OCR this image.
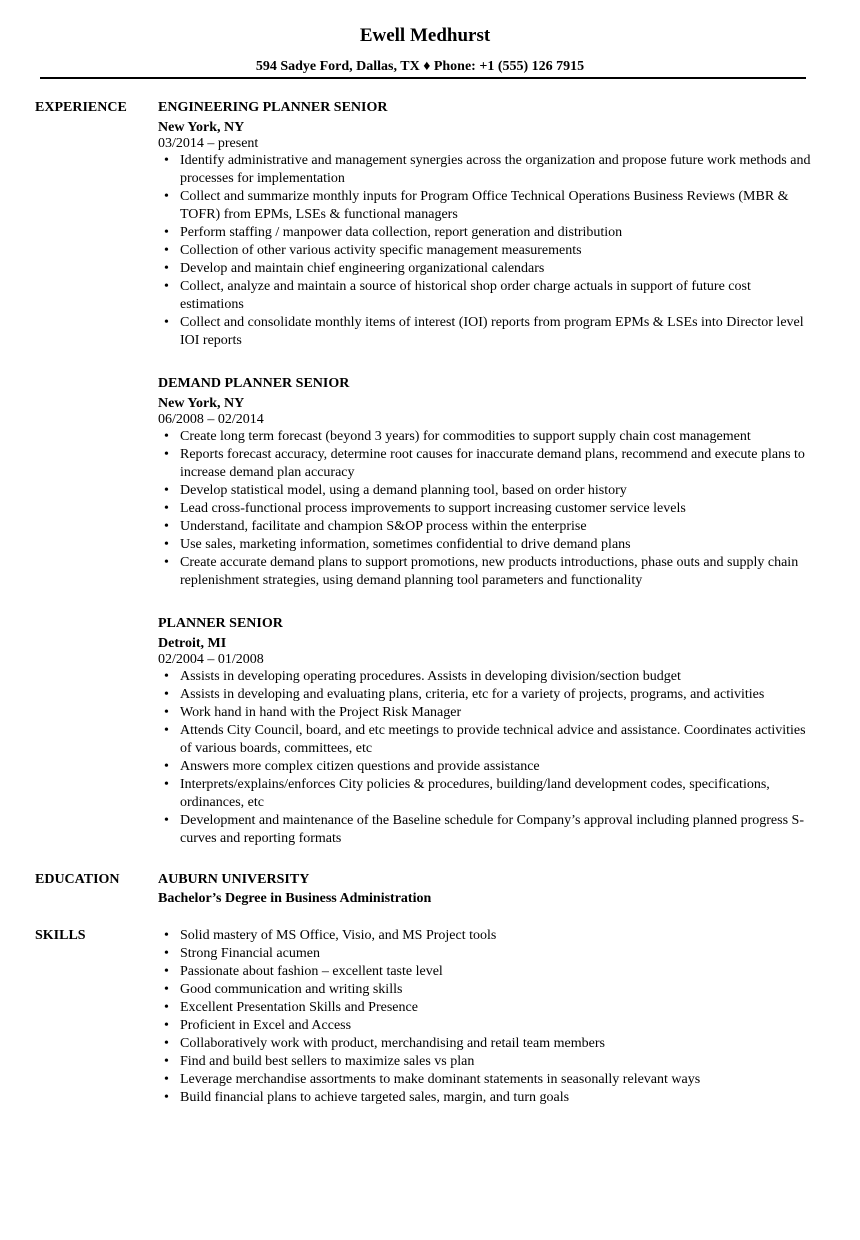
Ewell Medhurst
594 Sadye Ford, Dallas, TX ♦ Phone: +1 (555) 126 7915
EXPERIENCE ENGINEERING PLANNER SENIOR
New York, NY
03/2014 – present
• Identify administrative and management synergies across the organization and propose future work methods and processes for implementation
• Collect and summarize monthly inputs for Program Office Technical Operations Business Reviews (MBR & TOFR) from EPMs, LSEs & functional managers
• Perform staffing / manpower data collection, report generation and distribution
• Collection of other various activity specific management measurements
• Develop and maintain chief engineering organizational calendars
• Collect, analyze and maintain a source of historical shop order charge actuals in support of future cost estimations
• Collect and consolidate monthly items of interest (IOI) reports from program EPMs & LSEs into Director level IOI reports
DEMAND PLANNER SENIOR
New York, NY
06/2008 – 02/2014
• Create long term forecast (beyond 3 years) for commodities to support supply chain cost management
• Reports forecast accuracy, determine root causes for inaccurate demand plans, recommend and execute plans to increase demand plan accuracy
• Develop statistical model, using a demand planning tool, based on order history
• Lead cross-functional process improvements to support increasing customer service levels
• Understand, facilitate and champion S&OP process within the enterprise
• Use sales, marketing information, sometimes confidential to drive demand plans
• Create accurate demand plans to support promotions, new products introductions, phase outs and supply chain replenishment strategies, using demand planning tool parameters and functionality
PLANNER SENIOR
Detroit, MI
02/2004 – 01/2008
• Assists in developing operating procedures. Assists in developing division/section budget
• Assists in developing and evaluating plans, criteria, etc for a variety of projects, programs, and activities
• Work hand in hand with the Project Risk Manager
• Attends City Council, board, and etc meetings to provide technical advice and assistance. Coordinates activities of various boards, committees, etc
• Answers more complex citizen questions and provide assistance
• Interprets/explains/enforces City policies & procedures, building/land development codes, specifications, ordinances, etc
• Development and maintenance of the Baseline schedule for Company’s approval including planned progress S-curves and reporting formats
EDUCATION	AUBURN UNIVERSITY
Bachelor’s Degree in Business Administration
SKILLS
•	Solid mastery of MS Office, Visio, and MS Project tools
• Strong Financial acumen
• Passionate about fashion – excellent taste level
• Good communication and writing skills
• Excellent Presentation Skills and Presence
• Proficient in Excel and Access
• Collaboratively work with product, merchandising and retail team members
• Find and build best sellers to maximize sales vs plan
• Leverage merchandise assortments to make dominant statements in seasonally relevant ways
• Build financial plans to achieve targeted sales, margin, and turn goals
